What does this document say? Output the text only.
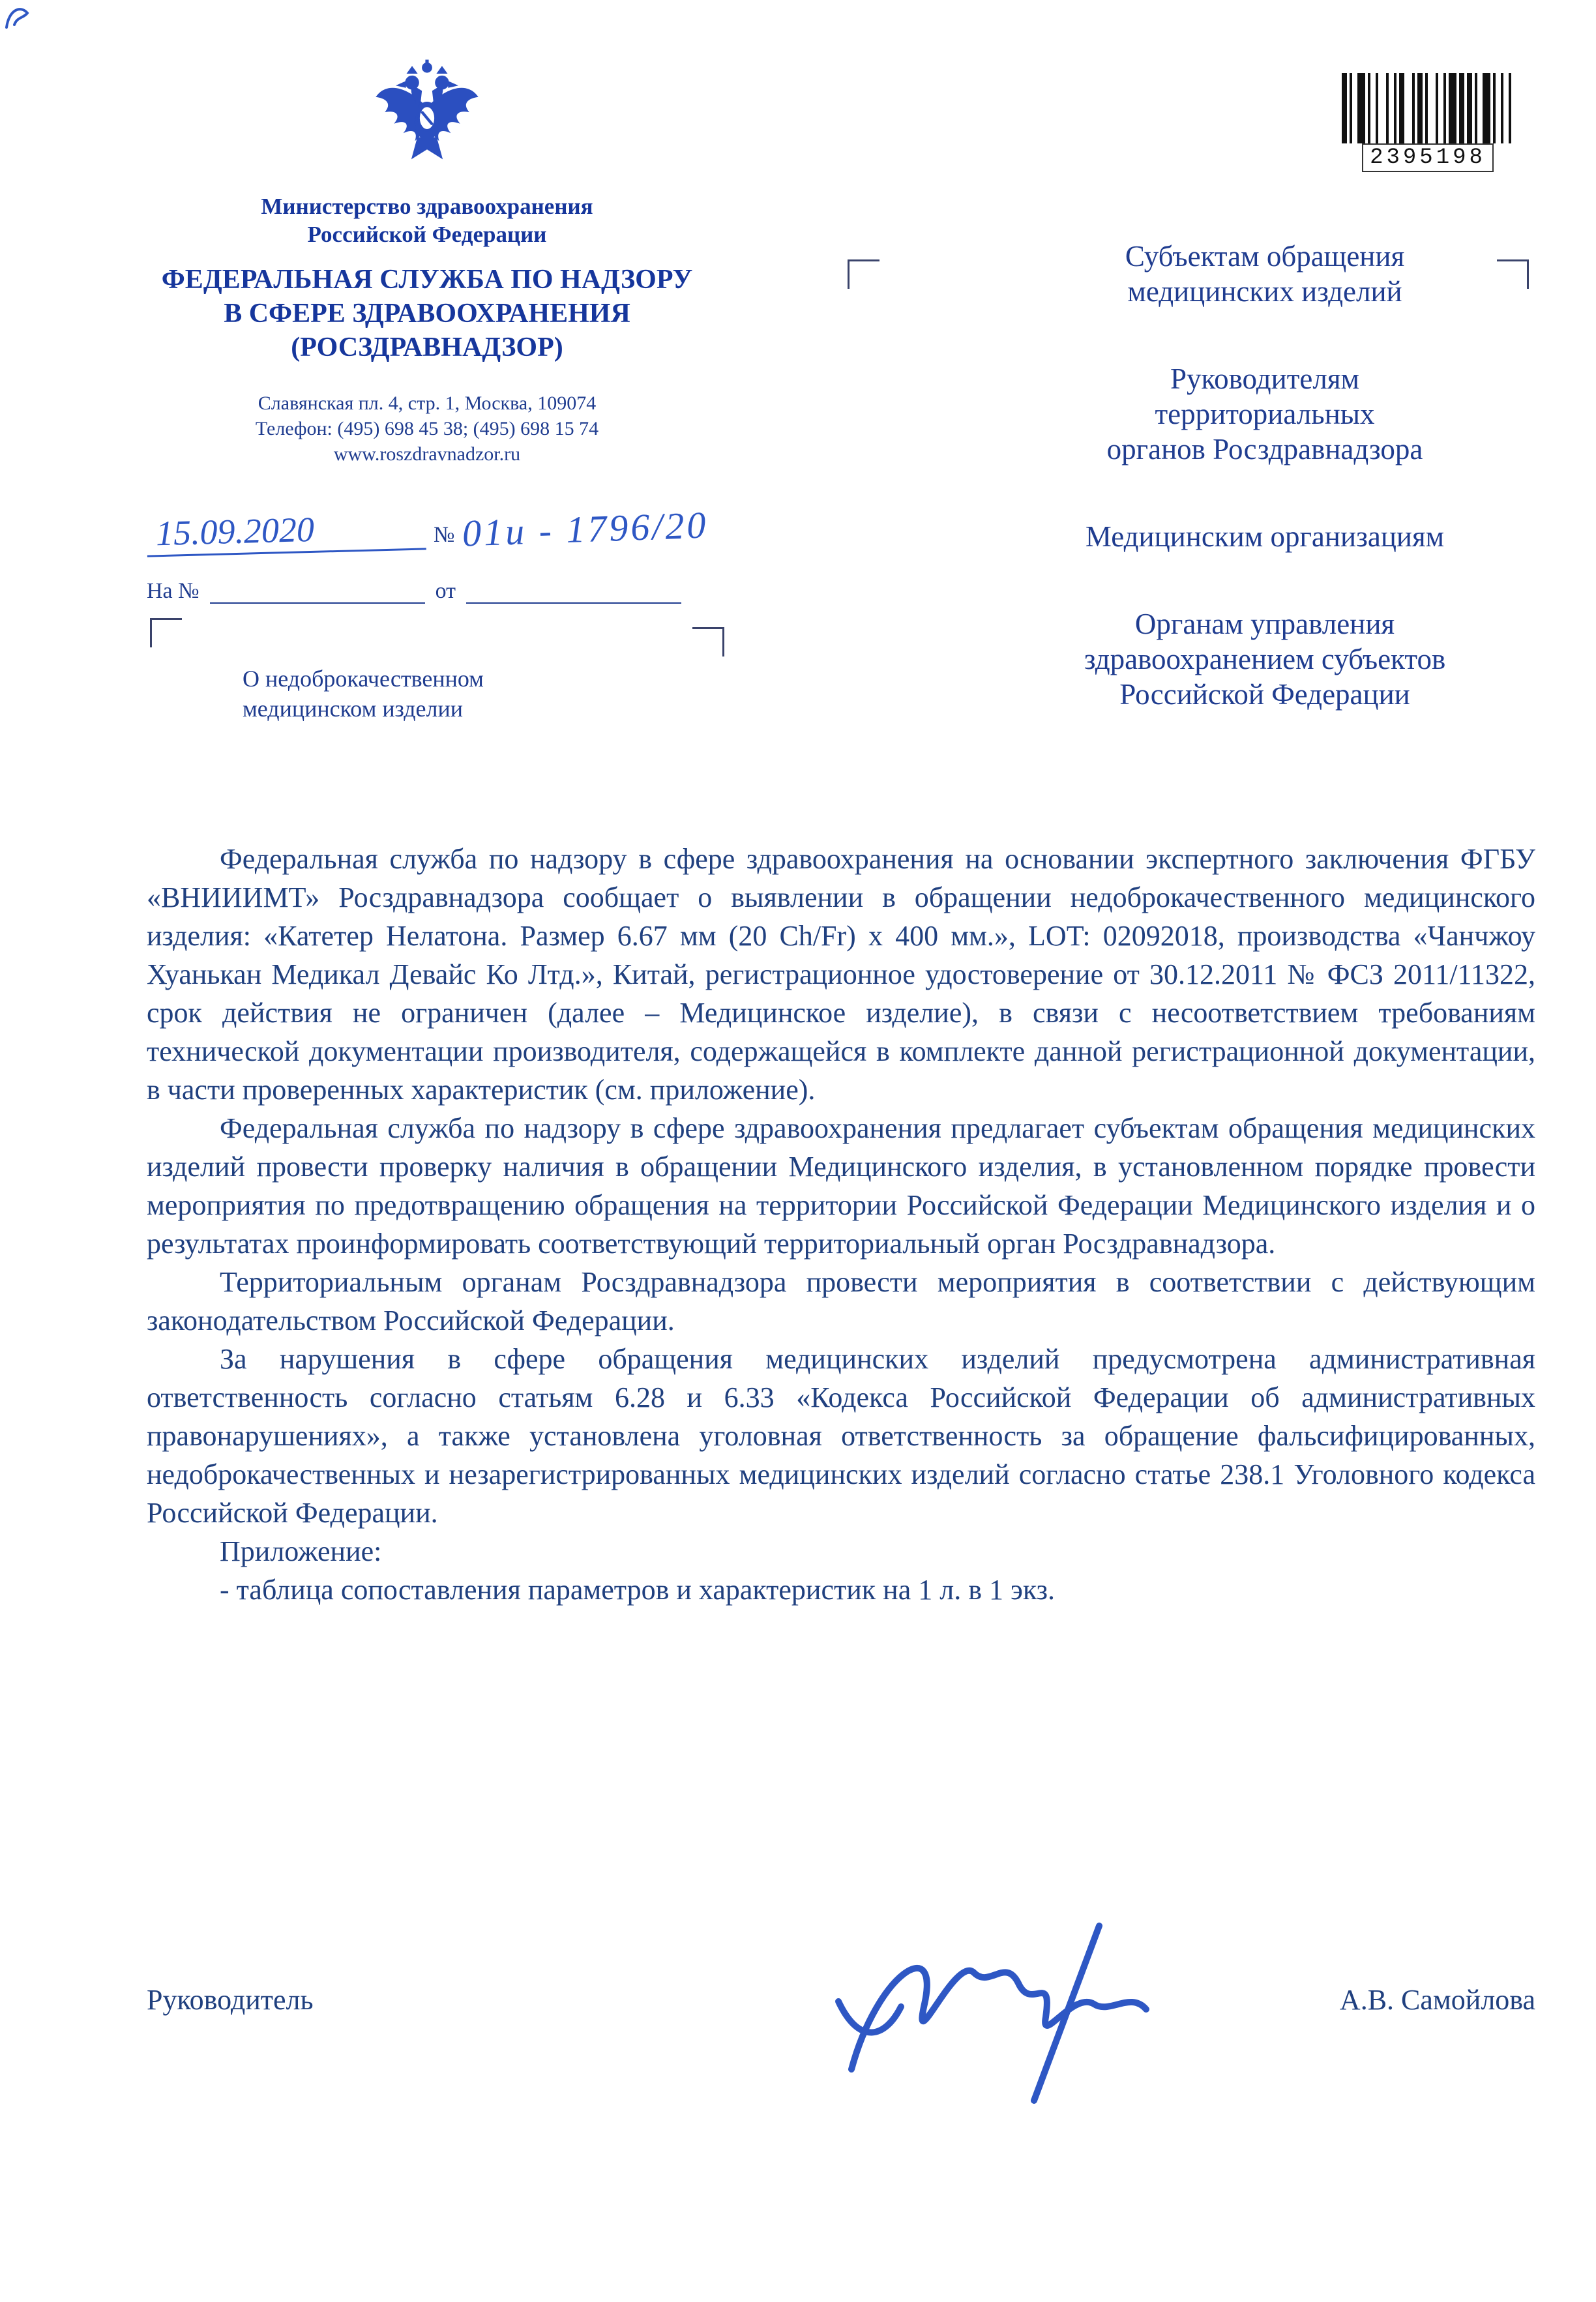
Министерство здравоохранения
Российской Федерации
ФЕДЕРАЛЬНАЯ СЛУЖБА ПО НАДЗОРУ
В СФЕРЕ ЗДРАВООХРАНЕНИЯ
(РОСЗДРАВНАДЗОР)
Славянская пл. 4, стр. 1, Москва, 109074
Телефон: (495) 698 45 38; (495) 698 15 74
www.roszdravnadzor.ru
15.09.2020	№ 01и - 1796/20
На №	от
О недоброкачественном
медицинском изделии
2395198
Субъектам обращения
медицинских изделий
Руководителям
территориальных
органов Росздравнадзора
Медицинским организациям
Органам управления
здравоохранением субъектов
Российской Федерации

Федеральная служба по надзору в сфере здравоохранения на основании экспертного заключения ФГБУ «ВНИИИМТ» Росздравнадзора сообщает о выявлении в обращении недоброкачественного медицинского изделия: «Катетер Нелатона. Размер 6.67 мм (20 Ch/Fr) х 400 мм.», LOT: 02092018, производства «Чанчжоу Хуанькан Медикал Девайс Ко Лтд.», Китай, регистрационное удостоверение от 30.12.2011 № ФСЗ 2011/11322, срок действия не ограничен (далее – Медицинское изделие), в связи с несоответствием требованиям технической документации производителя, содержащейся в комплекте данной регистрационной документации, в части проверенных характеристик (см. приложение).

Федеральная служба по надзору в сфере здравоохранения предлагает субъектам обращения медицинских изделий провести проверку наличия в обращении Медицинского изделия, в установленном порядке провести мероприятия по предотвращению обращения на территории Российской Федерации Медицинского изделия и о результатах проинформировать соответствующий территориальный орган Росздравнадзора.

Территориальным органам Росздравнадзора провести мероприятия в соответствии с действующим законодательством Российской Федерации.

За нарушения в сфере обращения медицинских изделий предусмотрена административная ответственность согласно статьям 6.28 и 6.33 «Кодекса Российской Федерации об административных правонарушениях», а также установлена уголовная ответственность за обращение фальсифицированных, недоброкачественных и незарегистрированных медицинских изделий согласно статье 238.1 Уголовного кодекса Российской Федерации.

Приложение:

- таблица сопоставления параметров и характеристик на 1 л. в 1 экз.

Руководитель	А.В. Самойлова
